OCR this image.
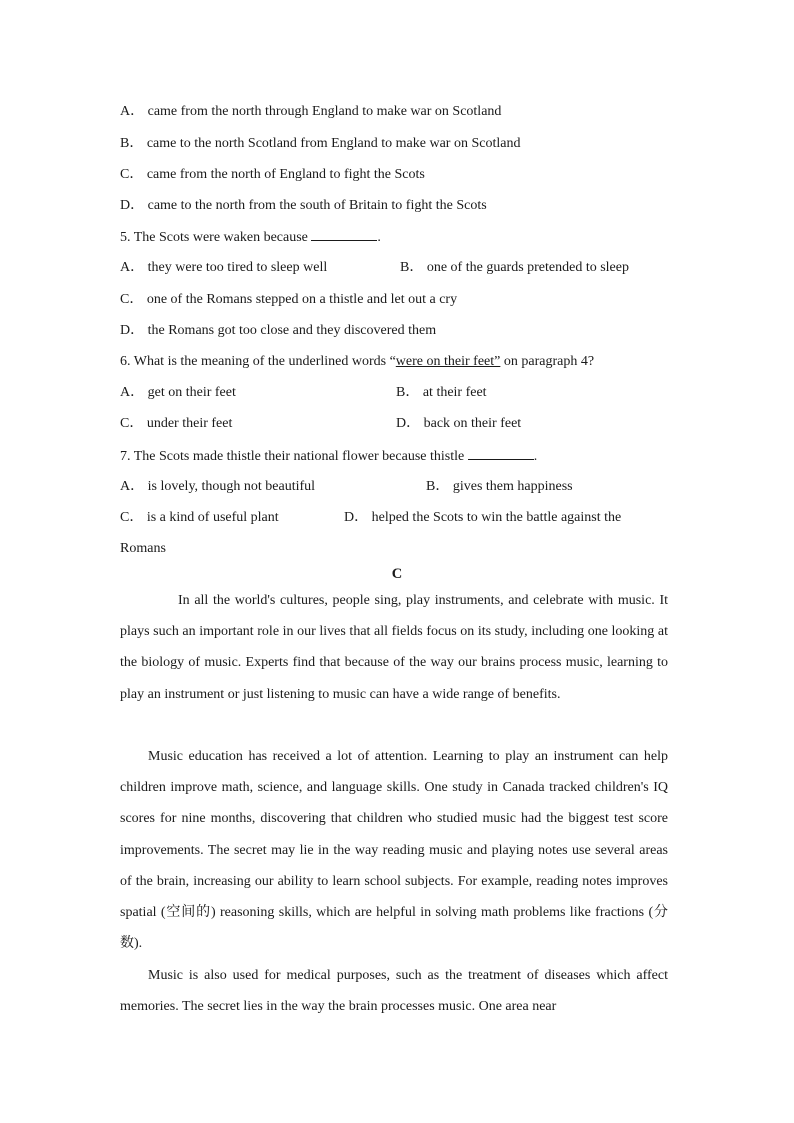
A． came from the north through England to make war on Scotland
B． came to the north Scotland from England to make war on Scotland
C． came from the north of England to fight the Scots
D． came to the north from the south of Britain to fight the Scots
5. The Scots were waken because	.
A． they were too tired to sleep well	B． one of the guards pretended to sleep
C． one of the Romans stepped on a thistle and let out a cry
D． the Romans got too close and they discovered them
6. What is the meaning of the underlined words “were on their feet” on paragraph 4?
A． get on their feet	B． at their feet
C． under their feet	D． back on their feet
7. The Scots made thistle their national flower because thistle	.
A． is lovely, though not beautiful	B． gives them happiness
C． is a kind of useful plant	D． helped the Scots to win the battle against the
Romans
C
In all the world's cultures, people sing, play instruments, and celebrate with music. It plays such an important role in our lives that all fields focus on its study, including one looking at the biology of music. Experts find that because of the way our brains process music, learning to play an instrument or just listening to music can have a wide range of benefits.
Music education has received a lot of attention. Learning to play an instrument can help children improve math, science, and language skills. One study in Canada tracked children's IQ scores for nine months, discovering that children who studied music had the biggest test score improvements. The secret may lie in the way reading music and playing notes use several areas of the brain, increasing our ability to learn school subjects. For example, reading notes improves spatial (空间的) reasoning skills, which are helpful in solving math problems like fractions (分数).
Music is also used for medical purposes, such as the treatment of diseases which affect memories. The secret lies in the way the brain processes music. One area near
